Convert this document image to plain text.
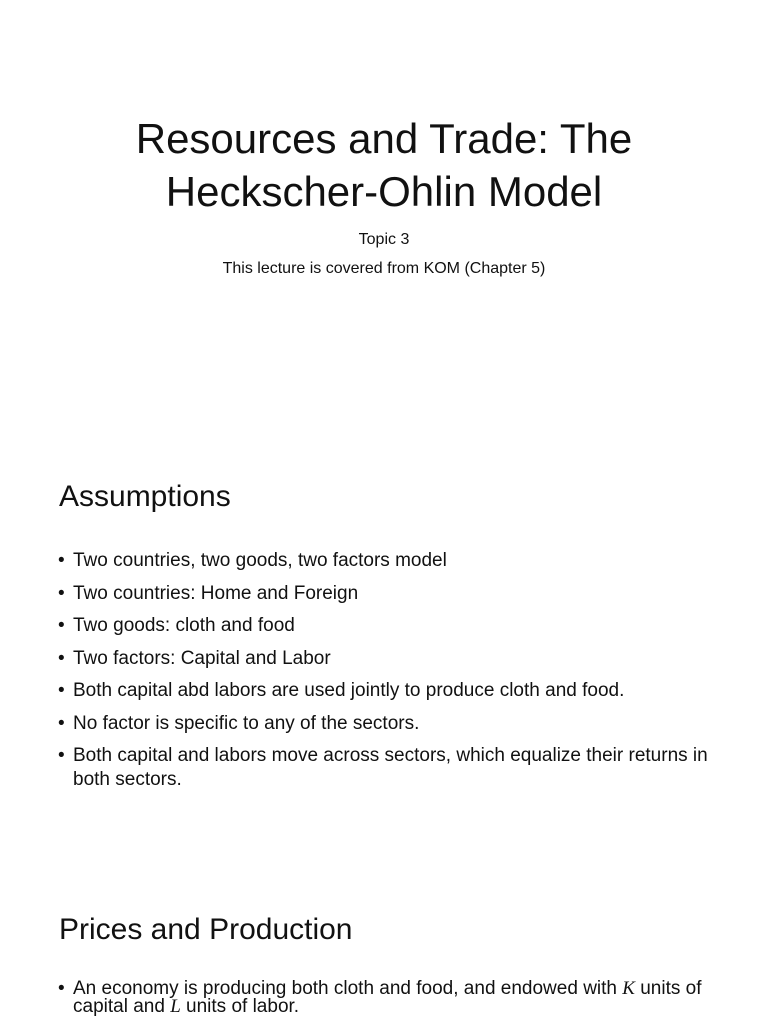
Resources and Trade: The
Heckscher-Ohlin Model

Topic 3

This lecture is covered from KOM (Chapter 5)

Assumptions
• Two countries, two goods, two factors model
• Two countries: Home and Foreign
• Two goods: cloth and food
• Two factors: Capital and Labor
• Both capital abd labors are used jointly to produce cloth and food.
• No factor is specific to any of the sectors.
• Both capital and labors move across sectors, which equalize their returns in both sectors.
Prices and Production
• An economy is producing both cloth and food, and endowed with K units of capital and L units of labor.
